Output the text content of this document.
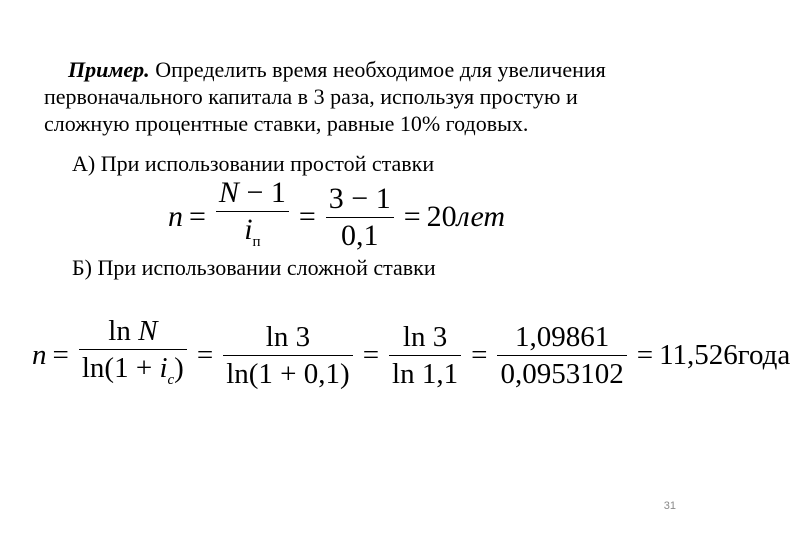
Пример. Определить время необходимое для увеличения
первоначального капитала в 3 раза, используя простую и
сложную процентные ставки, равные 10% годовых.
А) При использовании простой ставки
$n = \frac{N - 1}{i_п} = \frac{3 - 1}{0,1} = 20лет$
Б) При использовании сложной ставки
$n = \frac{\text{ln N}}{\ln(1 + i_c)} = \frac{\ln 3}{\ln(1 + 0,1)} = \frac{\ln 3}{\ln 1,1} = \frac{1,09861}{0,0953102}$ = 11,526года
31
